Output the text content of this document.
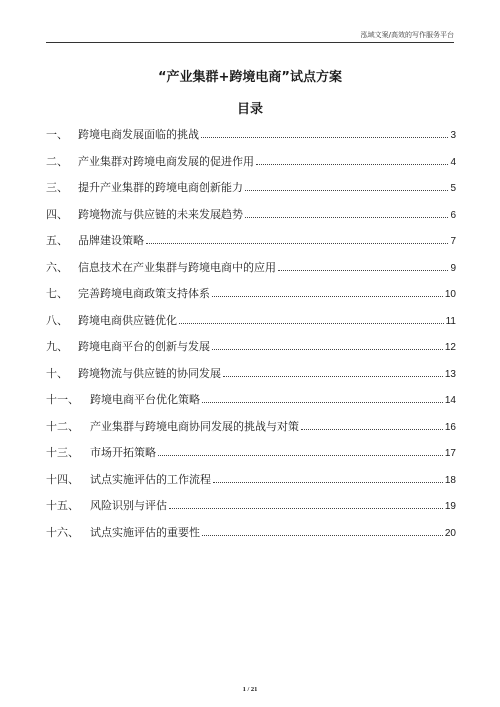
泓域文案/高效的写作服务平台
“产业集群+跨境电商”试点方案
目录
一、 跨境电商发展面临的挑战	3
二、 产业集群对跨境电商发展的促进作用	4
三、 提升产业集群的跨境电商创新能力	5
四、 跨境物流与供应链的未来发展趋势	6
五、 品牌建设策略	7
六、 信息技术在产业集群与跨境电商中的应用	9
七、 完善跨境电商政策支持体系	10
八、 跨境电商供应链优化	11
九、 跨境电商平台的创新与发展	12
十、 跨境物流与供应链的协同发展	13
十一、	跨境电商平台优化策略	14
十二、	产业集群与跨境电商协同发展的挑战与对策	16
十三、	市场开拓策略	17
十四、	试点实施评估的工作流程	18
十五、	风险识别与评估	19
十六、	试点实施评估的重要性	20
1 / 21
